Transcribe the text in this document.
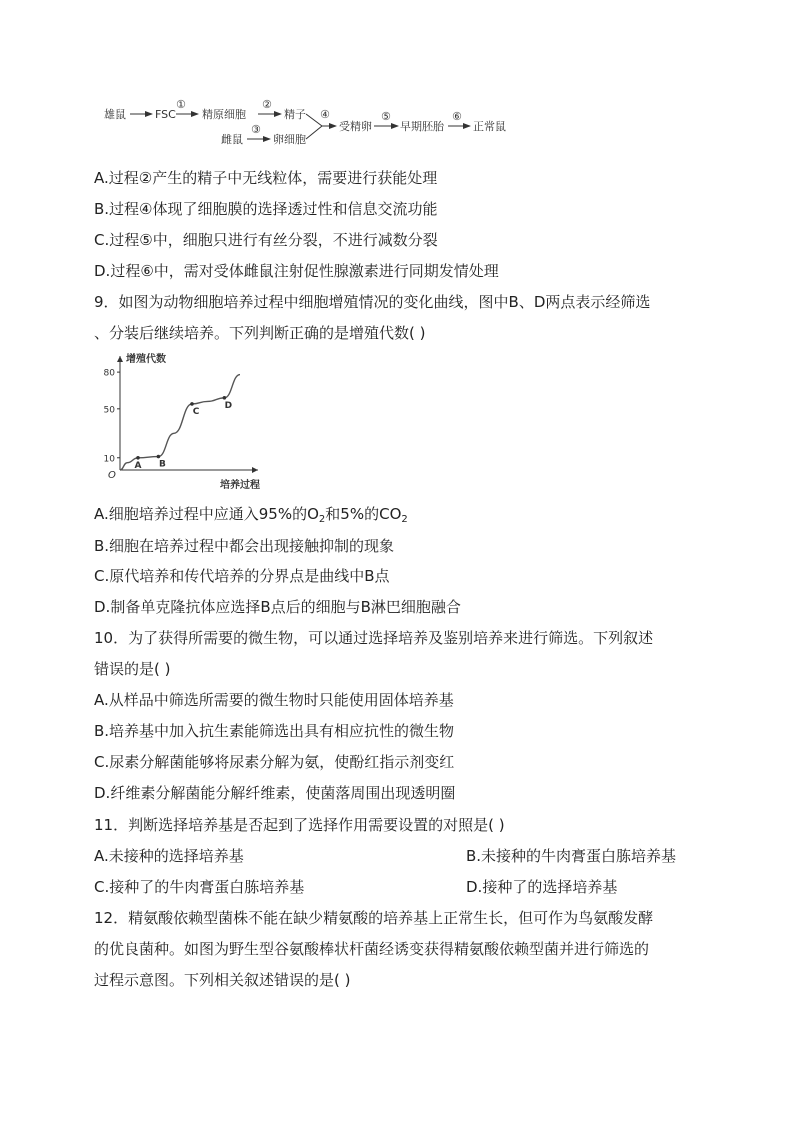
雄鼠	FSC
①
精原细胞
②
精子
雌鼠
③
卵细胞
④
受精卵
⑤
早期胚胎
⑥
正常鼠
A.过程②产生的精子中无线粒体，需要进行获能处理
B.过程④体现了细胞膜的选择透过性和信息交流功能
C.过程⑤中，细胞只进行有丝分裂，不进行减数分裂
D.过程⑥中，需对受体雌鼠注射促性腺激素进行同期发情处理
9．如图为动物细胞培养过程中细胞增殖情况的变化曲线，图中B、D两点表示经筛选
、分装后继续培养。下列判断正确的是增殖代数( )
增殖代数
培养过程
O
10
50
80
A B
C
D
A.细胞培养过程中应通入95%的$O_2$和5%的$CO_2$
B.细胞在培养过程中都会出现接触抑制的现象
C.原代培养和传代培养的分界点是曲线中B点
D.制备单克隆抗体应选择B点后的细胞与B淋巴细胞融合
10．为了获得所需要的微生物，可以通过选择培养及鉴别培养来进行筛选。下列叙述
错误的是( )
A.从样品中筛选所需要的微生物时只能使用固体培养基
B.培养基中加入抗生素能筛选出具有相应抗性的微生物
C.尿素分解菌能够将尿素分解为氨，使酚红指示剂变红
D.纤维素分解菌能分解纤维素，使菌落周围出现透明圈
11．判断选择培养基是否起到了选择作用需要设置的对照是( )
A.未接种的选择培养基	B.未接种的牛肉膏蛋白胨培养基
C.接种了的牛肉膏蛋白胨培养基	D.接种了的选择培养基
12．精氨酸依赖型菌株不能在缺少精氨酸的培养基上正常生长，但可作为鸟氨酸发酵
的优良菌种。如图为野生型谷氨酸棒状杆菌经诱变获得精氨酸依赖型菌并进行筛选的
过程示意图。下列相关叙述错误的是( )
